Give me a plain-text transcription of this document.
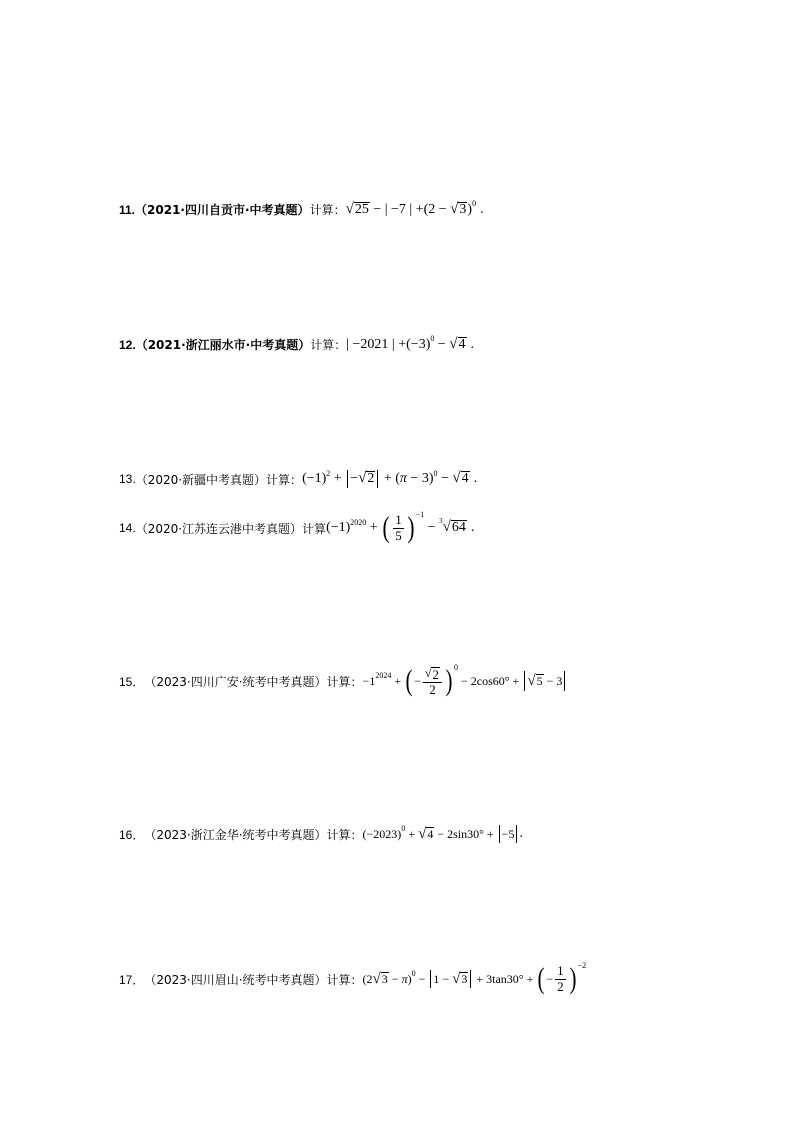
11. （2021·四川自贡市·中考真题） 计算： √ 25 − | −7 | +(2 − √ 3 )$^0$ .
12. （2021·浙江丽水市·中考真题） 计算： | −2021 | $+(-3)^0$ − √ 4 .
13. （2020·新疆中考真题） 计算： $(-1)^2$ +
− √ 2 + ( π − 3)$^0$ − √ 4 .
14. （2020·江苏连云港中考真题） 计算 $(-1)^{2020}$ + ( $\frac{1}{5} )^{-1}$
− $^3$ √ 64 .
15． （2023·四川广安·统考中考真题） 计算： $-1^{2024}$ + ( − $\frac{√ 2}{2} )^0$
− 2cos60° + √ 5 − 3
16． （2023·浙江金华·统考中考真题） 计算： $(-2023)^0$ + √ 4 − 2sin30° +
−5 .
17． （2023·四川眉山·统考中考真题） 计算： (2 √ 3 − π )$^0$ −
1 − √ 3 + 3tan30° + ( − $\frac{1}{2} )^{-2}$
